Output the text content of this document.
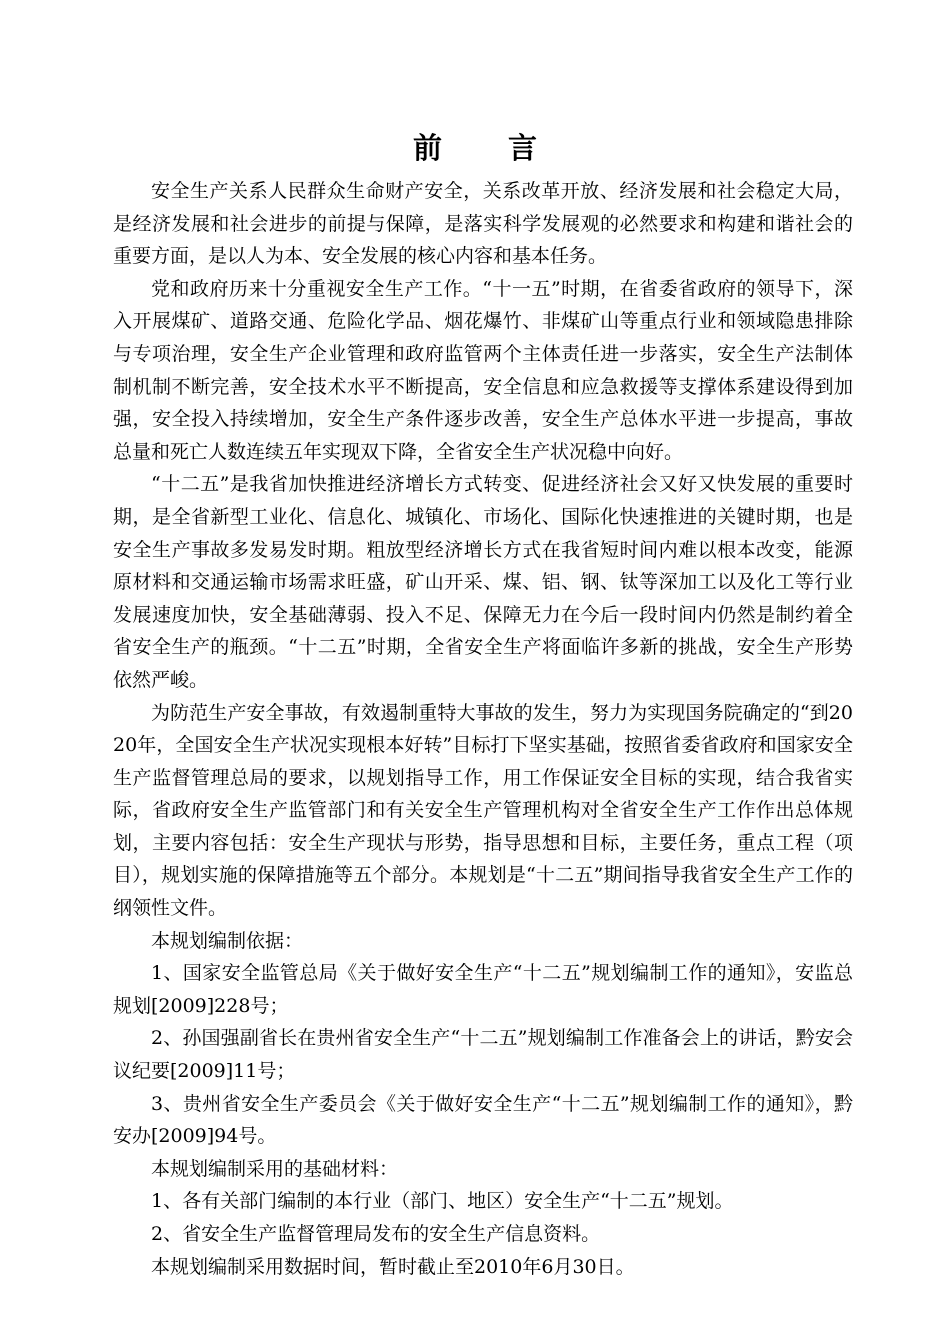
前 言

安全生产关系人民群众生命财产安全，关系改革开放、经济发展和社会稳定大局，是经济发展和社会进步的前提与保障，是落实科学发展观的必然要求和构建和谐社会的重要方面，是以人为本、安全发展的核心内容和基本任务。

党和政府历来十分重视安全生产工作。“十一五”时期，在省委省政府的领导下，深入开展煤矿、道路交通、危险化学品、烟花爆竹、非煤矿山等重点行业和领域隐患排除与专项治理，安全生产企业管理和政府监管两个主体责任进一步落实，安全生产法制体制机制不断完善，安全技术水平不断提高，安全信息和应急救援等支撑体系建设得到加强，安全投入持续增加，安全生产条件逐步改善，安全生产总体水平进一步提高，事故总量和死亡人数连续五年实现双下降，全省安全生产状况稳中向好。

“十二五”是我省加快推进经济增长方式转变、促进经济社会又好又快发展的重要时期，是全省新型工业化、信息化、城镇化、市场化、国际化快速推进的关键时期，也是安全生产事故多发易发时期。粗放型经济增长方式在我省短时间内难以根本改变，能源原材料和交通运输市场需求旺盛，矿山开采、煤、铝、钢、钛等深加工以及化工等行业发展速度加快，安全基础薄弱、投入不足、保障无力在今后一段时间内仍然是制约着全省安全生产的瓶颈。“十二五”时期，全省安全生产将面临许多新的挑战，安全生产形势依然严峻。

为防范生产安全事故，有效遏制重特大事故的发生，努力为实现国务院确定的“到2020年，全国安全生产状况实现根本好转”目标打下坚实基础，按照省委省政府和国家安全生产监督管理总局的要求，以规划指导工作，用工作保证安全目标的实现，结合我省实际，省政府安全生产监管部门和有关安全生产管理机构对全省安全生产工作作出总体规划，主要内容包括：安全生产现状与形势，指导思想和目标，主要任务，重点工程（项目），规划实施的保障措施等五个部分。本规划是“十二五”期间指导我省安全生产工作的纲领性文件。

本规划编制依据：

1、国家安全监管总局《关于做好安全生产“十二五”规划编制工作的通知》，安监总规划[2009]228号；

2、孙国强副省长在贵州省安全生产“十二五”规划编制工作准备会上的讲话，黔安会议纪要[2009]11号；

3、贵州省安全生产委员会《关于做好安全生产“十二五”规划编制工作的通知》，黔安办[2009]94号。

本规划编制采用的基础材料：

1、各有关部门编制的本行业（部门、地区）安全生产“十二五”规划。

2、省安全生产监督管理局发布的安全生产信息资料。

本规划编制采用数据时间，暂时截止至2010年6月30日。
